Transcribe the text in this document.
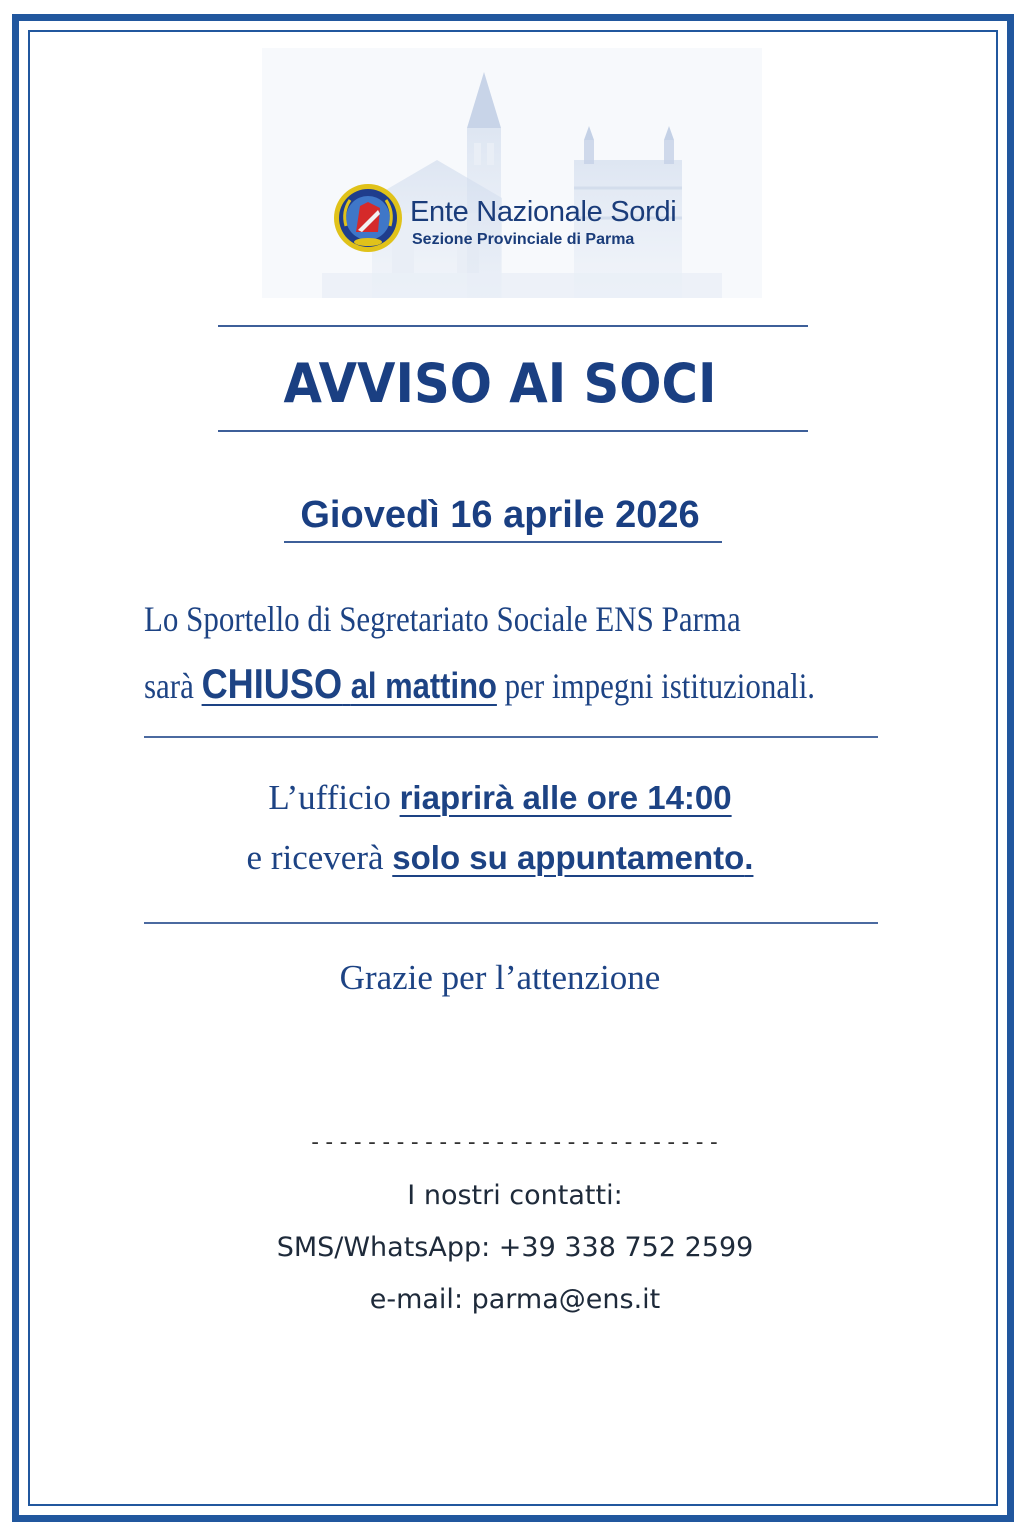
Ente Nazionale Sordi
Sezione Provinciale di Parma
AVVISO AI SOCI
Giovedì 16 aprile 2026
Lo Sportello di Segretariato Sociale ENS Parma
sarà CHIUSO al mattino per impegni istituzionali.
L’ufficio riaprirà alle ore 14:00
e riceverà solo su appuntamento.
Grazie per l’attenzione
-----------------------------
I nostri contatti:
SMS/WhatsApp: +39 338 752 2599
e-mail: parma@ens.it
